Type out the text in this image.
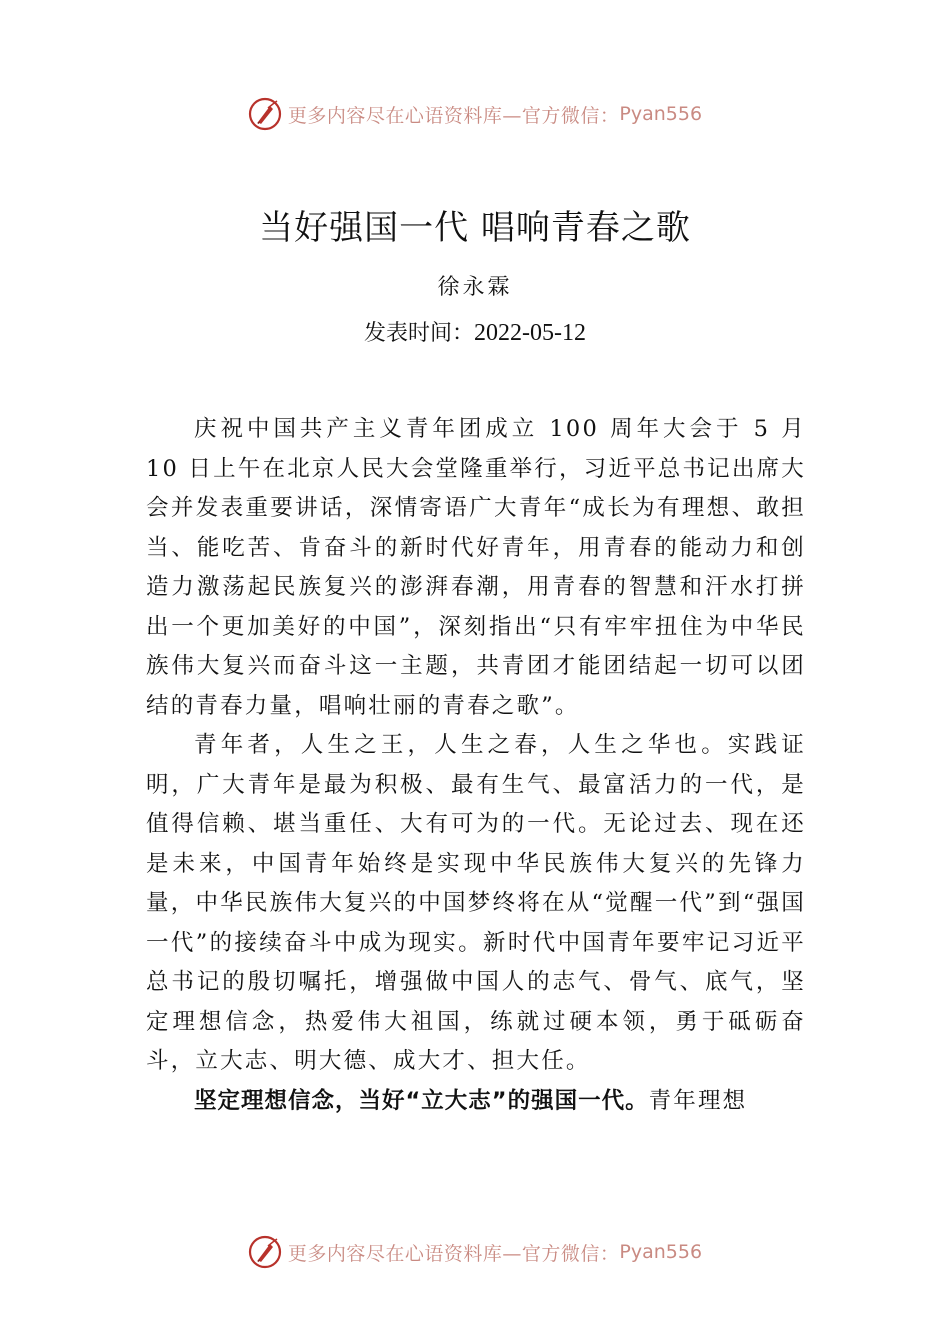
更多内容尽在心语资料库—官方微信： Pyan556
当好强国一代 唱响青春之歌
徐永霖
发表时间：2022-05-12

庆祝中国共产主义青年团成立 100 周年大会于 5 月 10 日上午在北京人民大会堂隆重举行，习近平总书记出席大会并发表重要讲话，深情寄语广大青年“成长为有理想、敢担当、能吃苦、肯奋斗的新时代好青年，用青春的能动力和创造力激荡起民族复兴的澎湃春潮，用青春的智慧和汗水打拼出一个更加美好的中国”，深刻指出“只有牢牢扭住为中华民族伟大复兴而奋斗这一主题，共青团才能团结起一切可以团结的青春力量，唱响壮丽的青春之歌”。

青年者，人生之王，人生之春，人生之华也。实践证明，广大青年是最为积极、最有生气、最富活力的一代，是值得信赖、堪当重任、大有可为的一代。无论过去、现在还是未来，中国青年始终是实现中华民族伟大复兴的先锋力量，中华民族伟大复兴的中国梦终将在从“觉醒一代”到“强国一代”的接续奋斗中成为现实。新时代中国青年要牢记习近平总书记的殷切嘱托，增强做中国人的志气、骨气、底气，坚定理想信念，热爱伟大祖国，练就过硬本领，勇于砥砺奋斗，立大志、明大德、成大才、担大任。

坚定理想信念，当好“立大志”的强国一代。青年理想

更多内容尽在心语资料库—官方微信： Pyan556
